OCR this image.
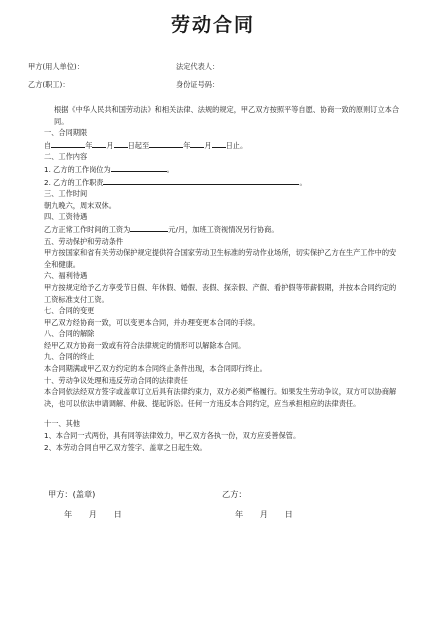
劳动合同
甲方(用人单位)：	法定代表人：
乙方(职工)：	身份证号码：
根据《中华人民共和国劳动法》和相关法律、法规的规定，甲乙双方按照平等自愿、协商一致的原则订立本合同。
一、合同期限
自	年 月 日起至	年 月 日止。
二、工作内容
1. 乙方的工作岗位为	。
2. 乙方的工作职责	。
三、工作时间
朝九晚六，周末双休。
四、工资待遇
乙方正常工作时间的工资为	元/月，加班工资视情况另行协商。
五、劳动保护和劳动条件
甲方按国家和省有关劳动保护规定提供符合国家劳动卫生标准的劳动作业场所，切实保护乙方在生产工作中的安全和健康。
六、福利待遇
甲方按规定给予乙方享受节日假、年休假、婚假、丧假、探亲假、产假、看护假等带薪假期，并按本合同约定的工资标准支付工资。
七、合同的变更
甲乙双方经协商一致，可以变更本合同，并办理变更本合同的手续。
八、合同的解除
经甲乙双方协商一致或有符合法律规定的情形可以解除本合同。
九、合同的终止
本合同期满或甲乙双方约定的本合同终止条件出现，本合同即行终止。
十、劳动争议处理和违反劳动合同的法律责任
本合同依法经双方签字或盖章订立后具有法律约束力，双方必须严格履行。如果发生劳动争议，双方可以协商解决，也可以依法申请调解、仲裁、提起诉讼。任何一方违反本合同约定，应当承担相应的法律责任。
十一、其他
1、本合同一式两份，具有同等法律效力，甲乙双方各执一份，双方应妥善保管。
2、本劳动合同自甲乙双方签字、盖章之日起生效。
甲方：(盖章)	乙方：
年 月 日	年 月 日
